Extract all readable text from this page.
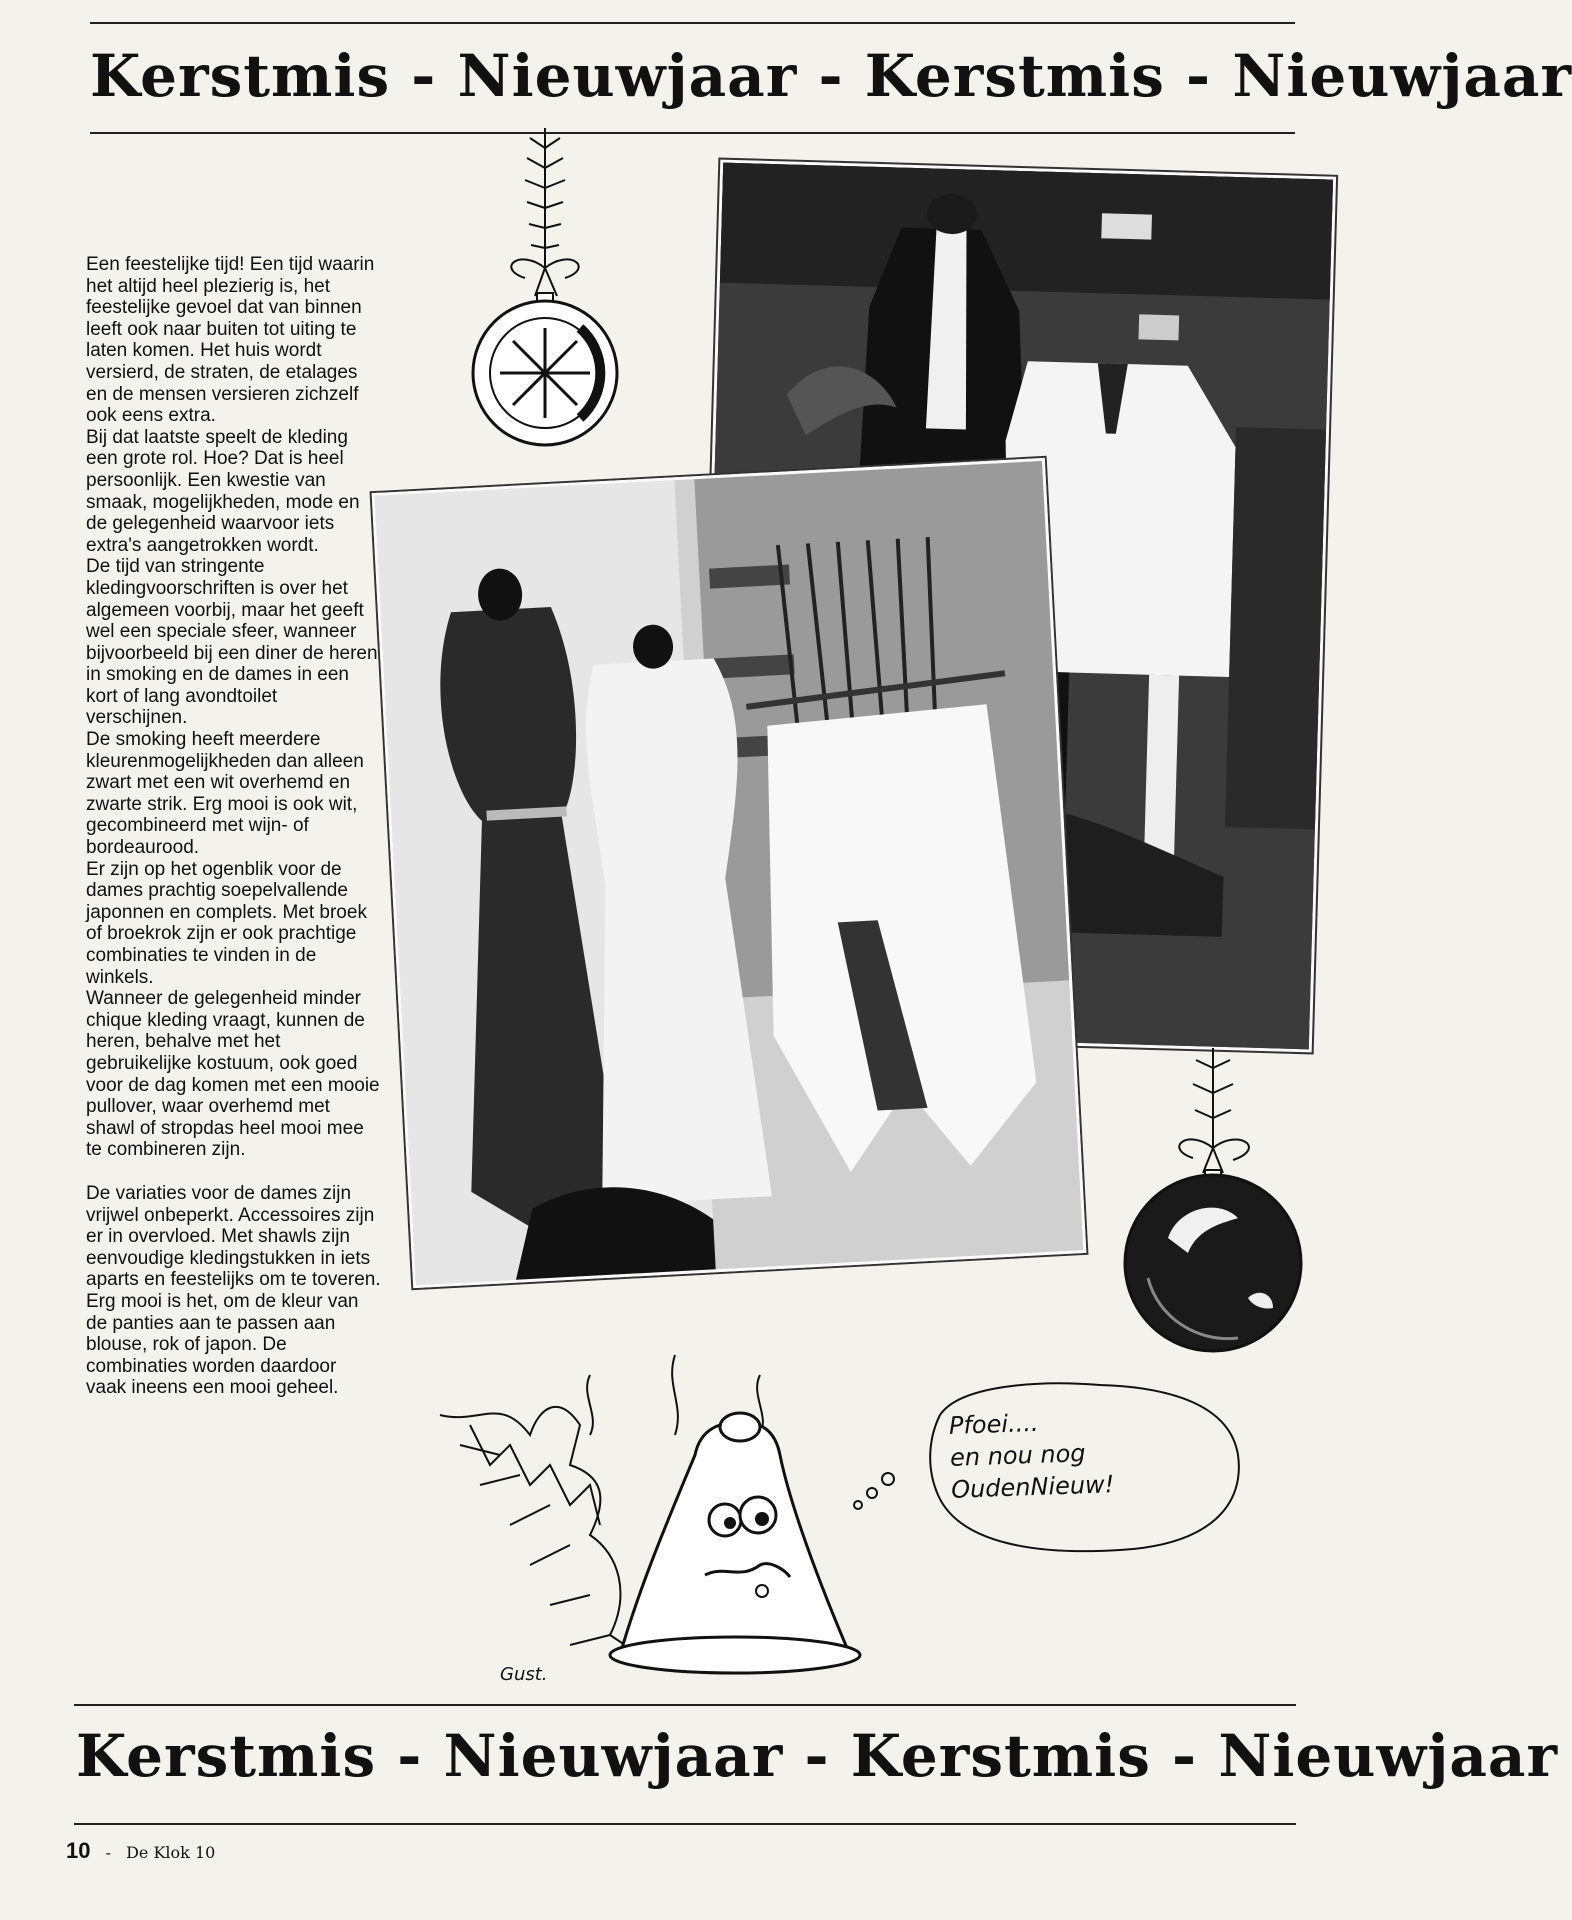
Kerstmis - Nieuwjaar - Kerstmis - Nieuwjaar

Een feestelijke tijd! Een tijd waarin het altijd heel plezierig is, het feestelijke gevoel dat van binnen leeft ook naar buiten tot uiting te laten komen. Het huis wordt versierd, de straten, de etalages en de mensen versieren zichzelf ook eens extra.

Bij dat laatste speelt de kleding een grote rol. Hoe? Dat is heel persoonlijk. Een kwestie van smaak, mogelijkheden, mode en de gelegenheid waarvoor iets extra's aangetrokken wordt.

De tijd van stringente kledingvoorschriften is over het algemeen voorbij, maar het geeft wel een speciale sfeer, wanneer bijvoorbeeld bij een diner de heren in smoking en de dames in een kort of lang avondtoilet verschijnen.

De smoking heeft meerdere kleurenmogelijkheden dan alleen zwart met een wit overhemd en zwarte strik. Erg mooi is ook wit, gecombineerd met wijn- of bordeaurood.

Er zijn op het ogenblik voor de dames prachtig soepelvallende japonnen en complets. Met broek of broekrok zijn er ook prachtige combinaties te vinden in de winkels.

Wanneer de gelegenheid minder chique kleding vraagt, kunnen de heren, behalve met het gebruikelijke kostuum, ook goed voor de dag komen met een mooie pullover, waar overhemd met shawl of stropdas heel mooi mee te combineren zijn.

De variaties voor de dames zijn vrijwel onbeperkt. Accessoires zijn er in overvloed. Met shawls zijn eenvoudige kledingstukken in iets aparts en feestelijks om te toveren. Erg mooi is het, om de kleur van de panties aan te passen aan blouse, rok of japon. De combinaties worden daardoor vaak ineens een mooi geheel.

Pfoei....
en nou nog
OudenNieuw!
Gust.
Kerstmis - Nieuwjaar - Kerstmis - Nieuwjaar
10 - De Klok 10
